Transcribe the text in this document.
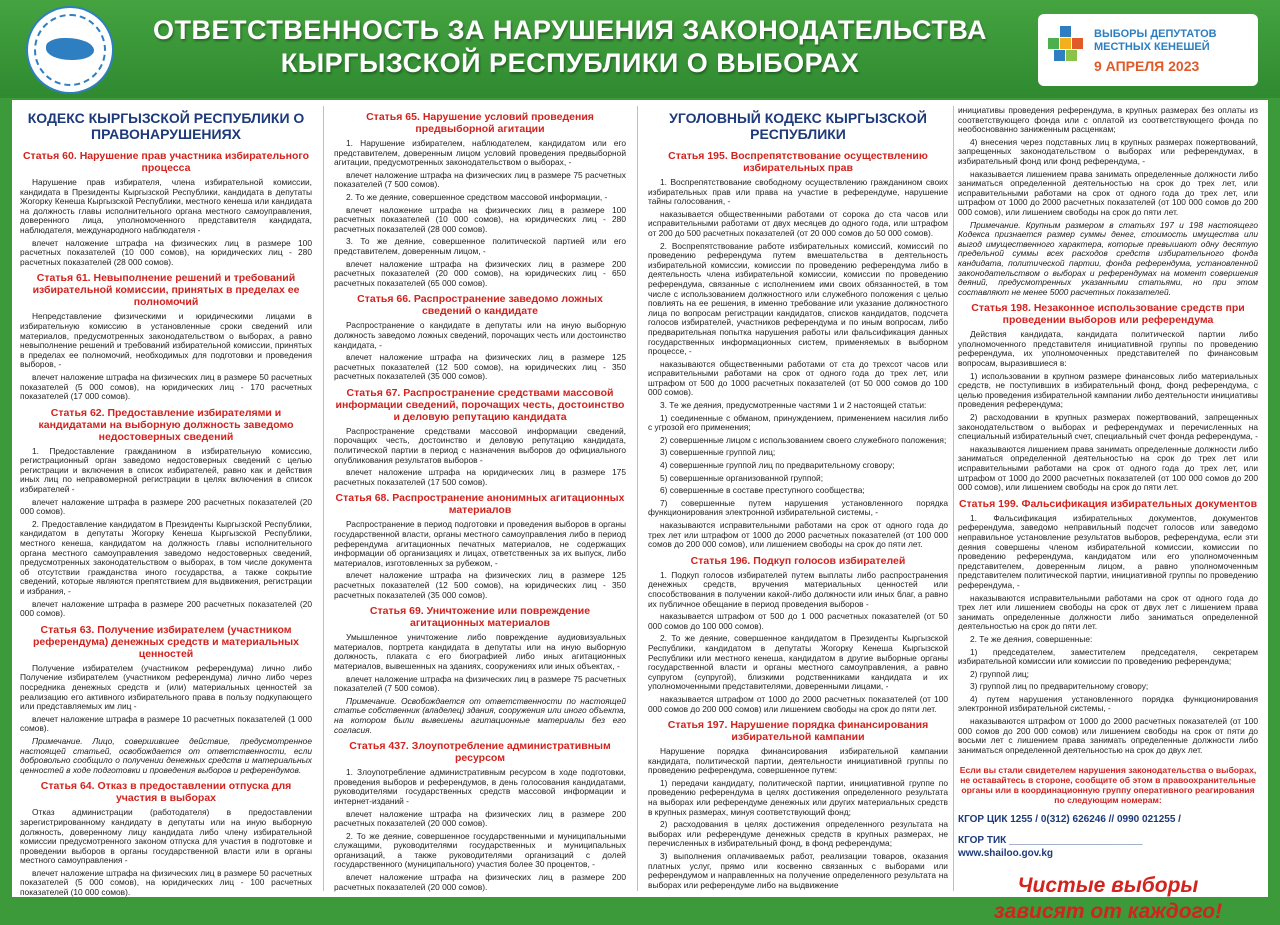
ОТВЕТСТВЕННОСТЬ ЗА НАРУШЕНИЯ ЗАКОНОДАТЕЛЬСТВА
КЫРГЫЗСКОЙ РЕСПУБЛИКИ О ВЫБОРАХ
ВЫБОРЫ ДЕПУТАТОВ
МЕСТНЫХ КЕНЕШЕЙ
9 АПРЕЛЯ 2023
КОДЕКС КЫРГЫЗСКОЙ РЕСПУБЛИКИ О ПРАВОНАРУШЕНИЯХ
Статья 60. Нарушение прав участника избирательного процесса

Нарушение прав избирателя, члена избирательной комиссии, кандидата в Президенты Кыргызской Республики, кандидата в депутаты Жогорку Кенеша Кыргызской Республики, местного кенеша или кандидата на должность главы исполнительного органа местного самоуправления, доверенного лица, уполномоченного представителя кандидата, наблюдателя, международного наблюдателя -

влечет наложение штрафа на физических лиц в размере 100 расчетных показателей (10 000 сомов), на юридических лиц - 280 расчетных показателей (28 000 сомов).

Статья 61. Невыполнение решений и требований избирательной комиссии, принятых в пределах ее полномочий

Непредставление физическими и юридическими лицами в избирательную комиссию в установленные сроки сведений или материалов, предусмотренных законодательством о выборах, а равно невыполнение решений и требований избирательной комиссии, принятых в пределах ее полномочий, необходимых для подготовки и проведения выборов, -

влечет наложение штрафа на физических лиц в размере 50 расчетных показателей (5 000 сомов), на юридических лиц - 170 расчетных показателей (17 000 сомов).

Статья 62. Предоставление избирателями и кандидатами на выборную должность заведомо недостоверных сведений

1. Предоставление гражданином в избирательную комиссию, регистрационный орган заведомо недостоверных сведений с целью регистрации и включения в список избирателей, равно как и действия иных лиц по неправомерной регистрации в целях включения в список избирателей -

влечет наложение штрафа в размере 200 расчетных показателей (20 000 сомов).

2. Предоставление кандидатом в Президенты Кыргызской Республики, кандидатом в депутаты Жогорку Кенеша Кыргызской Республики, местного кенеша, кандидатом на должность главы исполнительного органа местного самоуправления заведомо недостоверных сведений, предусмотренных законодательством о выборах, в том числе документа об отсутствии гражданства иного государства, а также сокрытие сведений, которые являются препятствием для выдвижения, регистрации и избрания, -

влечет наложение штрафа в размере 200 расчетных показателей (20 000 сомов).

Статья 63. Получение избирателем (участником референдума) денежных средств и материальных ценностей

Получение избирателем (участником референдума) лично либо Получение избирателем (участником референдума) лично либо через посредника денежных средств и (или) материальных ценностей за реализацию его активного избирательного права в пользу подкупающего или представляемых им лиц -

влечет наложение штрафа в размере 10 расчетных показателей (1 000 сомов).

Примечание. Лицо, совершившее действие, предусмотренное настоящей статьей, освобождается от ответственности, если добровольно сообщило о получении денежных средств и материальных ценностей в ходе подготовки и проведения выборов и референдумов.

Статья 64. Отказ в предоставлении отпуска для участия в выборах

Отказ администрации (работодателя) в предоставлении зарегистрированному кандидату в депутаты или на иную выборную должность, доверенному лицу кандидата либо члену избирательной комиссии предусмотренного законом отпуска для участия в подготовке и проведении выборов в органы государственной власти или в органы местного самоуправления -

влечет наложение штрафа на физических лиц в размере 50 расчетных показателей (5 000 сомов), на юридических лиц - 100 расчетных показателей (10 000 сомов).

Статья 65. Нарушение условий проведения предвыборной агитации

1. Нарушение избирателем, наблюдателем, кандидатом или его представителем, доверенным лицом условий проведения предвыборной агитации, предусмотренных законодательством о выборах, -

влечет наложение штрафа на физических лиц в размере 75 расчетных показателей (7 500 сомов).

2. То же деяние, совершенное средством массовой информации, -

влечет наложение штрафа на физических лиц в размере 100 расчетных показателей (10 000 сомов), на юридических лиц - 280 расчетных показателей (28 000 сомов).

3. То же деяние, совершенное политической партией или его представителем, доверенным лицом, -

влечет наложение штрафа на физических лиц в размере 200 расчетных показателей (20 000 сомов), на юридических лиц - 650 расчетных показателей (65 000 сомов).

Статья 66. Распространение заведомо ложных сведений о кандидате

Распространение о кандидате в депутаты или на иную выборную должность заведомо ложных сведений, порочащих честь или достоинство кандидата, -

влечет наложение штрафа на физических лиц в размере 125 расчетных показателей (12 500 сомов), на юридических лиц - 350 расчетных показателей (35 000 сомов).

Статья 67. Распространение средствами массовой информации сведений, порочащих честь, достоинство и деловую репутацию кандидата

Распространение средствами массовой информации сведений, порочащих честь, достоинство и деловую репутацию кандидата, политической партии в период с назначения выборов до официального опубликования результатов выборов -

влечет наложение штрафа на юридических лиц в размере 175 расчетных показателей (17 500 сомов).

Статья 68. Распространение анонимных агитационных материалов

Распространение в период подготовки и проведения выборов в органы государственной власти, органы местного самоуправления либо в период референдума агитационных печатных материалов, не содержащих информации об организациях и лицах, ответственных за их выпуск, либо материалов, изготовленных за рубежом, -

влечет наложение штрафа на физических лиц в размере 125 расчетных показателей (12 500 сомов), на юридических лиц - 350 расчетных показателей (35 000 сомов).

Статья 69. Уничтожение или повреждение агитационных материалов

Умышленное уничтожение либо повреждение аудиовизуальных материалов, портрета кандидата в депутаты или на иную выборную должность, плаката с его биографией либо иных агитационных материалов, вывешенных на зданиях, сооружениях или иных объектах, -

влечет наложение штрафа на физических лиц в размере 75 расчетных показателей (7 500 сомов).

Примечание. Освобождается от ответственности по настоящей статье собственник (владелец) здания, сооружения или иного объекта, на котором были вывешены агитационные материалы без его согласия.

Статья 437. Злоупотребление административным ресурсом

1. Злоупотребление административным ресурсом в ходе подготовки, проведения выборов и референдумов, в день голосования кандидатами, руководителями государственных средств массовой информации и интернет-изданий -

влечет наложение штрафа на физических лиц в размере 200 расчетных показателей (20 000 сомов).

2. То же деяние, совершенное государственными и муниципальными служащими, руководителями государственных и муниципальных организаций, а также руководителями организаций с долей государственного (муниципального) участия более 30 процентов, -

влечет наложение штрафа на физических лиц в размере 200 расчетных показателей (20 000 сомов).

УГОЛОВНЫЙ КОДЕКС КЫРГЫЗСКОЙ РЕСПУБЛИКИ
Статья 195. Воспрепятствование осуществлению избирательных прав

1. Воспрепятствование свободному осуществлению гражданином своих избирательных прав или права на участие в референдуме, нарушение тайны голосования, -

наказывается общественными работами от сорока до ста часов или исправительными работами от двух месяцев до одного года, или штрафом от 200 до 500 расчетных показателей (от 20 000 сомов до 50 000 сомов).

2. Воспрепятствование работе избирательных комиссий, комиссий по проведению референдума путем вмешательства в деятельность избирательной комиссии, комиссии по проведению референдума либо в деятельность члена избирательной комиссии, комиссии по проведению референдума, связанные с исполнением ими своих обязанностей, в том числе с использованием должностного или служебного положения с целью повлиять на ее решения, в именно требование или указание должностного лица по вопросам регистрации кандидатов, списков кандидатов, подсчета голосов избирателей, участников референдума и по иным вопросам, либо предварительная попытка нарушения работы или фальсификация данных государственных информационных систем, применяемых в выборном процессе, -

наказываются общественными работами от ста до трехсот часов или исправительными работами на срок от одного года до трех лет, или штрафом от 500 до 1000 расчетных показателей (от 50 000 сомов до 100 000 сомов).

3. Те же деяния, предусмотренные частями 1 и 2 настоящей статьи:

1) соединенные с обманом, принуждением, применением насилия либо с угрозой его применения;

2) совершенные лицом с использованием своего служебного положения;

3) совершенные группой лиц;

4) совершенные группой лиц по предварительному сговору;

5) совершенные организованной группой;

6) совершенные в составе преступного сообщества;

7) совершенные путем нарушения установленного порядка функционирования электронной избирательной системы, -

наказываются исправительными работами на срок от одного года до трех лет или штрафом от 1000 до 2000 расчетных показателей (от 100 000 сомов до 200 000 сомов), или лишением свободы на срок до пяти лет.

Статья 196. Подкуп голосов избирателей

1. Подкуп голосов избирателей путем выплаты либо распространения денежных средств, вручения материальных ценностей или способствования в получении какой-либо должности или иных благ, а равно их публичное обещание в период проведения выборов -

наказывается штрафом от 500 до 1 000 расчетных показателей (от 50 000 сомов до 100 000 сомов).

2. То же деяние, совершенное кандидатом в Президенты Кыргызской Республики, кандидатом в депутаты Жогорку Кенеша Кыргызской Республики или местного кенеша, кандидатом в другие выборные органы государственной власти и органы местного самоуправления, а равно супругом (супругой), близкими родственниками кандидата и их уполномоченными представителями, доверенными лицами, -

наказывается штрафом от 1000 до 2000 расчетных показателей (от 100 000 сомов до 200 000 сомов) или лишением свободы на срок до пяти лет.

Статья 197. Нарушение порядка финансирования избирательной кампании

Нарушение порядка финансирования избирательной кампании кандидата, политической партии, деятельности инициативной группы по проведению референдума, совершенное путем:

1) передачи кандидату, политической партии, инициативной группе по проведению референдума в целях достижения определенного результата на выборах или референдуме денежных или других материальных средств в крупных размерах, минуя соответствующий фонд;

2) расходования в целях достижения определенного результата на выборах или референдуме денежных средств в крупных размерах, не перечисленных в избирательный фонд, в фонд референдума;

3) выполнения оплачиваемых работ, реализации товаров, оказания платных услуг, прямо или косвенно связанных с выборами или референдумом и направленных на получение определенного результата на выборах или референдуме либо на выдвижение

инициативы проведения референдума, в крупных размерах без оплаты из соответствующего фонда или с оплатой из соответствующего фонда по необоснованно заниженным расценкам;

4) внесения через подставных лиц в крупных размерах пожертвований, запрещенных законодательством о выборах или референдумах, в избирательный фонд или фонд референдума, -

наказывается лишением права занимать определенные должности либо заниматься определенной деятельностью на срок до трех лет, или исправительными работами на срок от одного года до трех лет, или штрафом от 1000 до 2000 расчетных показателей (от 100 000 сомов до 200 000 сомов), или лишением свободы на срок до пяти лет.

Примечание. Крупным размером в статьях 197 и 198 настоящего Кодекса признается размер суммы денег, стоимость имущества или выгод имущественного характера, которые превышают одну десятую предельной суммы всех расходов средств избирательного фонда кандидата, политической партии, фонда референдума, установленной законодательством о выборах и референдумах на момент совершения деяний, предусмотренных указанными статьями, но при этом составляют не менее 5000 расчетных показателей.

Статья 198. Незаконное использование средств при проведении выборов или референдума

Действия кандидата, кандидата политической партии либо уполномоченного представителя инициативной группы по проведению референдума, их уполномоченных представителей по финансовым вопросам, выразившиеся в:

1) использовании в крупном размере финансовых либо материальных средств, не поступивших в избирательный фонд, фонд референдума, с целью проведения избирательной кампании либо деятельности инициативы проведения референдума;

2) расходовании в крупных размерах пожертвований, запрещенных законодательством о выборах и референдумах и перечисленных на специальный избирательный счет, специальный счет фонда референдума, -

наказываются лишением права занимать определенные должности либо заниматься определенной деятельностью на срок до трех лет или исправительными работами на срок от одного года до трех лет, или штрафом от 1000 до 2000 расчетных показателей (от 100 000 сомов до 200 000 сомов), или лишением свободы на срок до пяти лет.

Статья 199. Фальсификация избирательных документов

1. Фальсификация избирательных документов, документов референдума, заведомо неправильный подсчет голосов или заведомо неправильное установление результатов выборов, референдума, если эти деяния совершены членом избирательной комиссии, комиссии по проведению референдума, кандидатом или его уполномоченным представителем, доверенным лицом, а равно уполномоченным представителем политической партии, инициативной группы по проведению референдума, -

наказываются исправительными работами на срок от одного года до трех лет или лишением свободы на срок от двух лет с лишением права занимать определенные должности либо заниматься определенной деятельностью на срок до пяти лет.

2. Те же деяния, совершенные:

1) председателем, заместителем председателя, секретарем избирательной комиссии или комиссии по проведению референдума;

2) группой лиц;

3) группой лиц по предварительному сговору;

4) путем нарушения установленного порядка функционирования электронной избирательной системы, -

наказываются штрафом от 1000 до 2000 расчетных показателей (от 100 000 сомов до 200 000 сомов) или лишением свободы на срок от пяти до восьми лет с лишением права занимать определенные должности либо заниматься определенной деятельностью на срок до двух лет.

Если вы стали свидетелем нарушения законодательства о выборах, не оставайтесь в стороне, сообщите об этом в правоохранительные органы или в координационную группу оперативного реагирования по следующим номерам:
КГОР ЦИК 1255 / 0(312) 626246 // 0990 021255 /
КГОР ТИК ________________________
www.shailoo.gov.kg
Чистые выборы
зависят от каждого!
